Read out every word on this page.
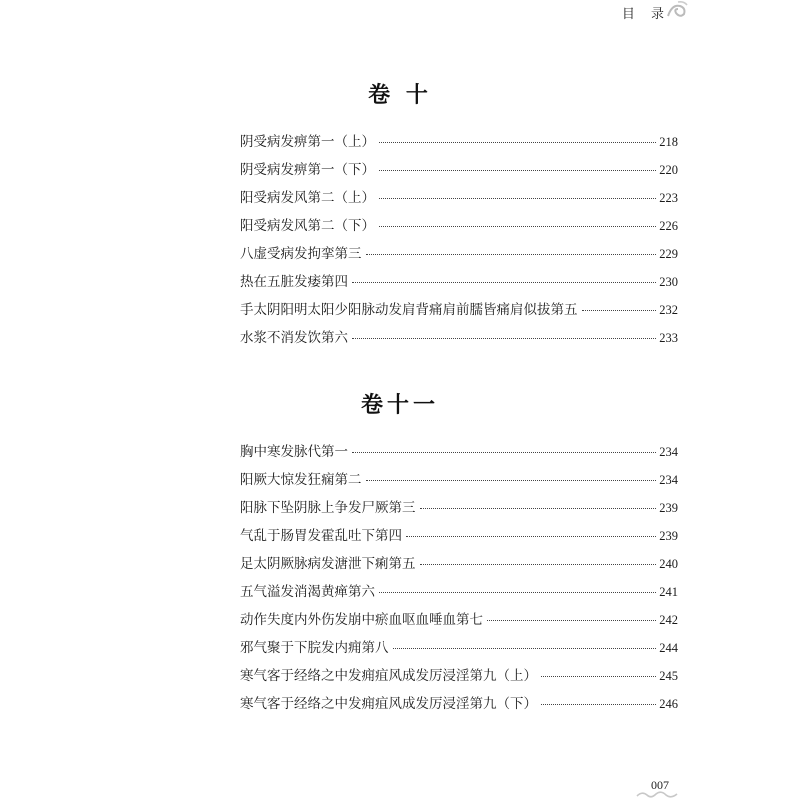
目 录
卷 十
阴受病发痹第一（上）	218
阴受病发痹第一（下）	220
阳受病发风第二（上）	223
阳受病发风第二（下）	226
八虚受病发拘挛第三	229
热在五脏发痿第四	230
手太阴阳明太阳少阳脉动发肩背痛肩前臑皆痛肩似拔第五	232
水浆不消发饮第六	233
卷十一
胸中寒发脉代第一	234
阳厥大惊发狂痫第二	234
阳脉下坠阴脉上争发尸厥第三	239
气乱于肠胃发霍乱吐下第四	239
足太阴厥脉病发溏泄下痢第五	240
五气溢发消渴黄瘅第六	241
动作失度内外伤发崩中瘀血呕血唾血第七	242
邪气聚于下脘发内痈第八	244
寒气客于经络之中发痈疽风成发厉浸淫第九（上）	245
寒气客于经络之中发痈疽风成发厉浸淫第九（下）	246
007
